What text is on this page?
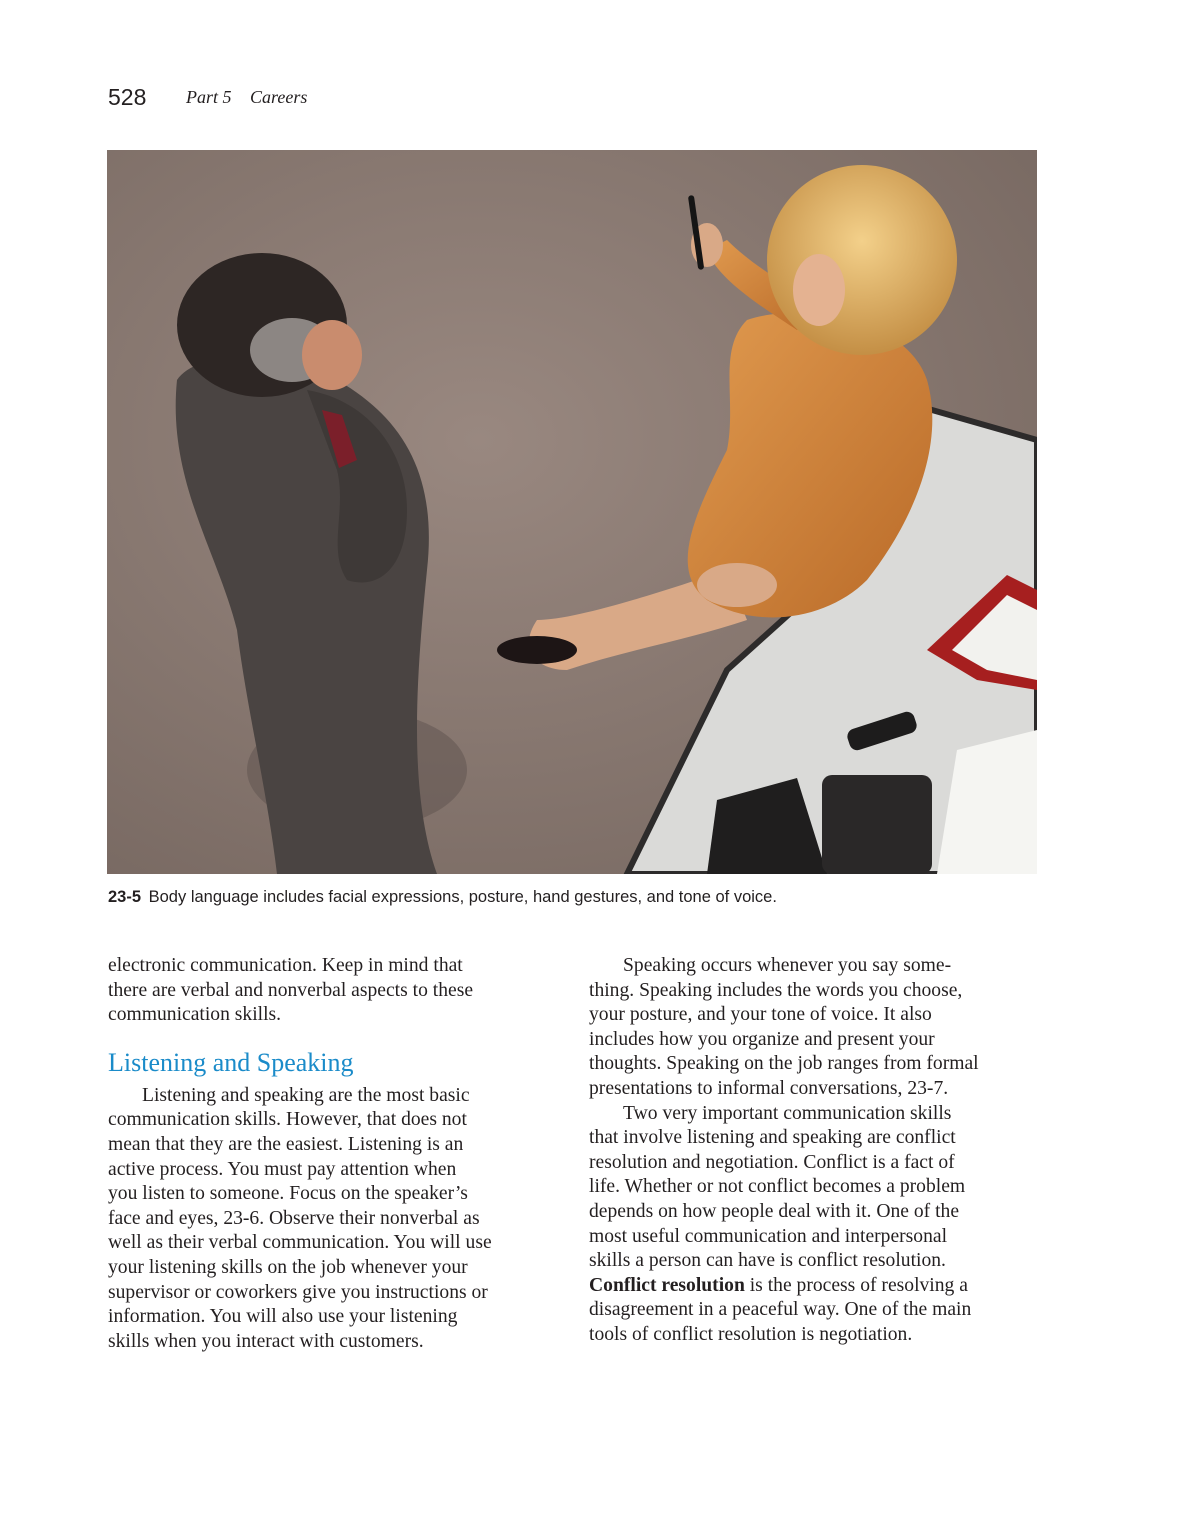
528 Part 5 Careers
23-5 Body language includes facial expressions, posture, hand gestures, and tone of voice.

electronic communication. Keep in mind that
there are verbal and nonverbal aspects to these
communication skills.

Listening and Speaking

Listening and speaking are the most basic
communication skills. However, that does not
mean that they are the easiest. Listening is an
active process. You must pay attention when
you listen to someone. Focus on the speaker’s
face and eyes, 23-6. Observe their nonverbal as
well as their verbal communication. You will use
your listening skills on the job whenever your
supervisor or coworkers give you instructions or
information. You will also use your listening
skills when you interact with customers.

Speaking occurs whenever you say some-
thing. Speaking includes the words you choose,
your posture, and your tone of voice. It also
includes how you organize and present your
thoughts. Speaking on the job ranges from formal
presentations to informal conversations, 23-7.

Two very important communication skills
that involve listening and speaking are conflict
resolution and negotiation. Conflict is a fact of
life. Whether or not conflict becomes a problem
depends on how people deal with it. One of the
most useful communication and interpersonal
skills a person can have is conflict resolution.
Conflict resolution is the process of resolving a
disagreement in a peaceful way. One of the main
tools of conflict resolution is negotiation.
